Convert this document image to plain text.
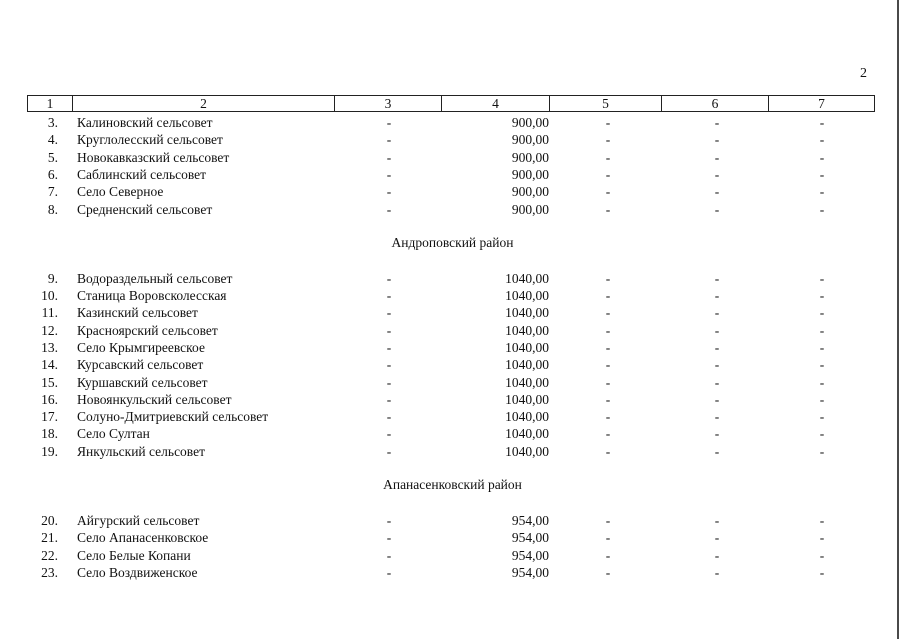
2
1	2	3	4	5	6	7
3. Калиновский сельсовет	-	900,00	-	-	-
4. Круглолесский сельсовет	-	900,00	-	-	-
5. Новокавказский сельсовет	-	900,00	-	-	-
6. Саблинский сельсовет	-	900,00	-	-	-
7. Село Северное	-	900,00	-	-	-
8. Средненский сельсовет	-	900,00	-	-	-
Андроповский район
9. Водораздельный сельсовет	-	1040,00	-	-	-
10. Станица Воровсколесская	-	1040,00	-	-	-
11. Казинский сельсовет	-	1040,00	-	-	-
12. Красноярский сельсовет	-	1040,00	-	-	-
13. Село Крымгиреевское	-	1040,00	-	-	-
14. Курсавский сельсовет	-	1040,00	-	-	-
15. Куршавский сельсовет	-	1040,00	-	-	-
16. Новоянкульский сельсовет	-	1040,00	-	-	-
17. Солуно-Дмитриевский сельсовет	-	1040,00	-	-	-
18. Село Султан	-	1040,00	-	-	-
19. Янкульский сельсовет	-	1040,00	-	-	-
Апанасенковский район
20. Айгурский сельсовет	-	954,00	-	-	-
21. Село Апанасенковское	-	954,00	-	-	-
22. Село Белые Копани	-	954,00	-	-	-
23. Село Воздвиженское	-	954,00	-	-	-
